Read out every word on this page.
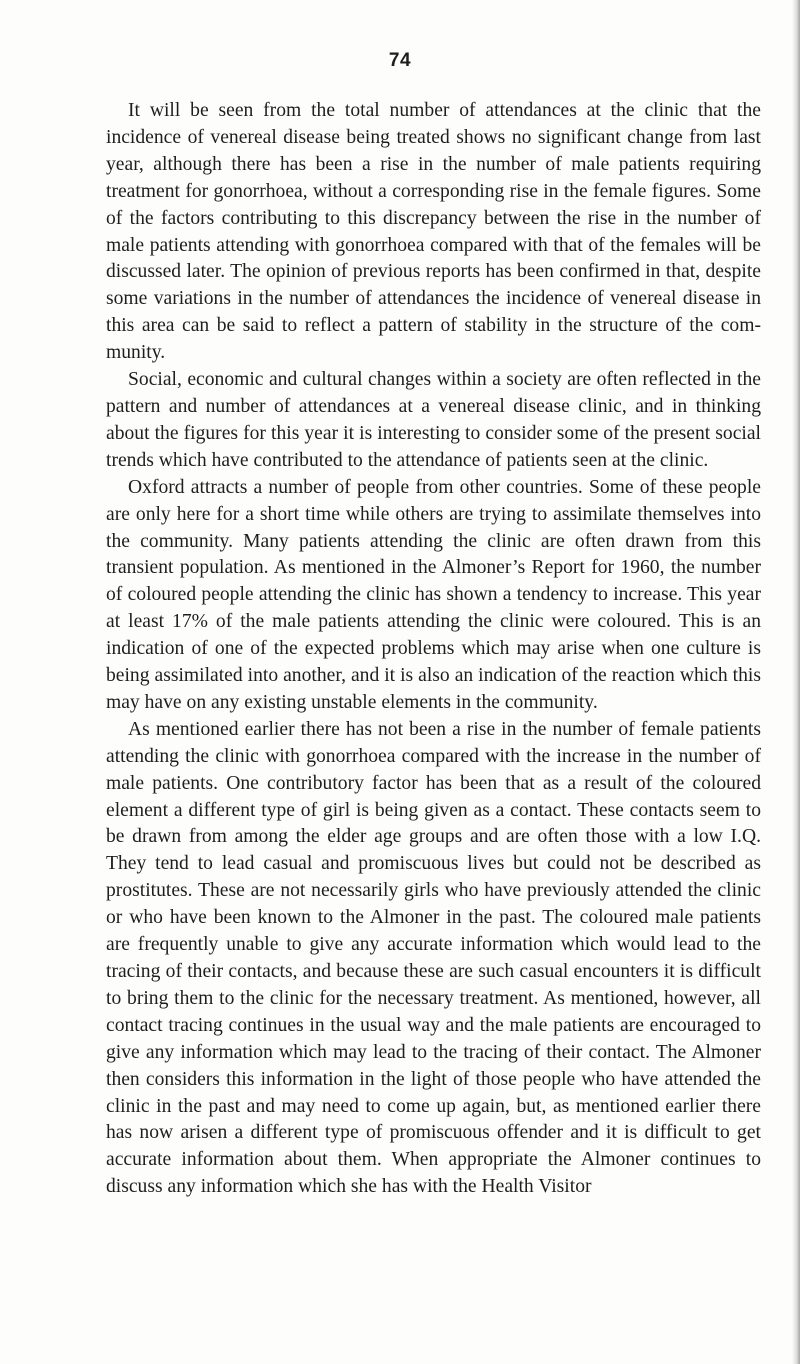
74

It will be seen from the total number of attendances at the clinic that the incidence of venereal disease being treated shows no significant change from last year, although there has been a rise in the number of male patients requiring treatment for gonorrhoea, without a corresponding rise in the female figures. Some of the factors contributing to this discrepancy between the rise in the number of male patients attending with gonorrhoea compared with that of the females will be discussed later. The opinion of previous reports has been confirmed in that, despite some variations in the number of attendances the incidence of venereal disease in this area can be said to reflect a pattern of stability in the structure of the com-munity.

Social, economic and cultural changes within a society are often reflected in the pattern and number of attendances at a venereal disease clinic, and in thinking about the figures for this year it is interesting to consider some of the present social trends which have contributed to the attendance of patients seen at the clinic.

Oxford attracts a number of people from other countries. Some of these people are only here for a short time while others are trying to assimilate themselves into the community. Many patients attending the clinic are often drawn from this transient population. As mentioned in the Almoner’s Report for 1960, the number of coloured people attending the clinic has shown a tendency to increase. This year at least 17% of the male patients attending the clinic were coloured. This is an indication of one of the expected problems which may arise when one culture is being assimilated into another, and it is also an indication of the reaction which this may have on any existing unstable elements in the community.

As mentioned earlier there has not been a rise in the number of female patients attending the clinic with gonorrhoea compared with the increase in the number of male patients. One contributory factor has been that as a result of the coloured element a different type of girl is being given as a contact. These contacts seem to be drawn from among the elder age groups and are often those with a low I.Q. They tend to lead casual and promiscuous lives but could not be described as prostitutes. These are not necessarily girls who have previously attended the clinic or who have been known to the Almoner in the past. The coloured male patients are frequently unable to give any accurate information which would lead to the tracing of their contacts, and because these are such casual encounters it is difficult to bring them to the clinic for the necessary treatment. As mentioned, however, all contact tracing continues in the usual way and the male patients are encouraged to give any information which may lead to the tracing of their contact. The Almoner then considers this information in the light of those people who have attended the clinic in the past and may need to come up again, but, as mentioned earlier there has now arisen a different type of promiscuous offender and it is difficult to get accurate information about them. When appropriate the Almoner continues to discuss any information which she has with the Health Visitor
